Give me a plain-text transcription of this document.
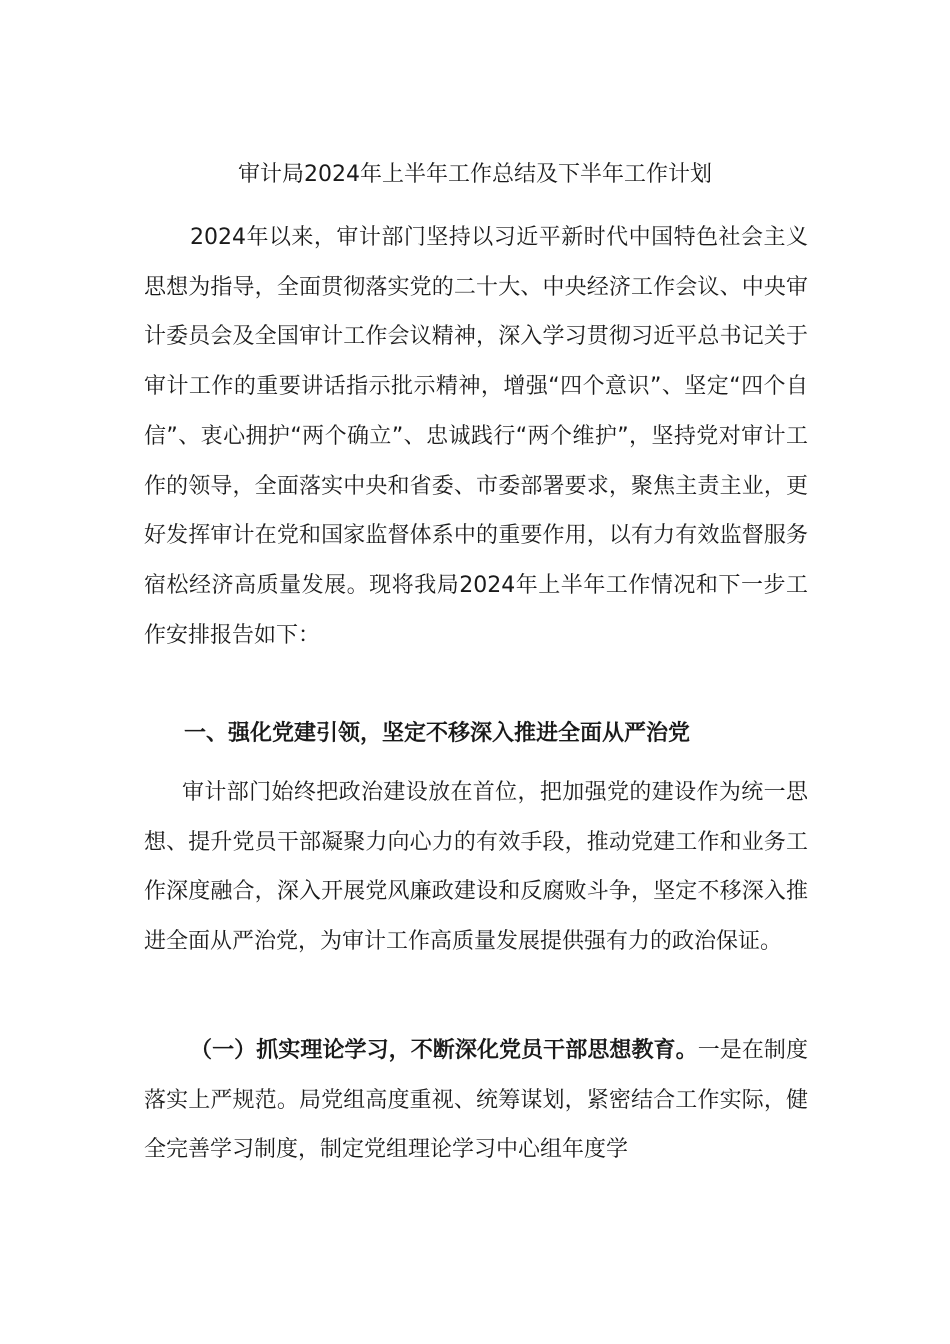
审计局2024年上半年工作总结及下半年工作计划

2024年以来，审计部门坚持以习近平新时代中国特色社会主义思想为指导，全面贯彻落实党的二十大、中央经济工作会议、中央审计委员会及全国审计工作会议精神，深入学习贯彻习近平总书记关于审计工作的重要讲话指示批示精神，增强“四个意识”、坚定“四个自信”、衷心拥护“两个确立”、忠诚践行“两个维护”，坚持党对审计工作的领导，全面落实中央和省委、市委部署要求，聚焦主责主业，更好发挥审计在党和国家监督体系中的重要作用，以有力有效监督服务宿松经济高质量发展。现将我局2024年上半年工作情况和下一步工作安排报告如下：

一、强化党建引领，坚定不移深入推进全面从严治党

审计部门始终把政治建设放在首位，把加强党的建设作为统一思想、提升党员干部凝聚力向心力的有效手段，推动党建工作和业务工作深度融合，深入开展党风廉政建设和反腐败斗争，坚定不移深入推进全面从严治党，为审计工作高质量发展提供强有力的政治保证。

（一）抓实理论学习，不断深化党员干部思想教育。一是在制度落实上严规范。局党组高度重视、统筹谋划，紧密结合工作实际，健全完善学习制度，制定党组理论学习中心组年度学
